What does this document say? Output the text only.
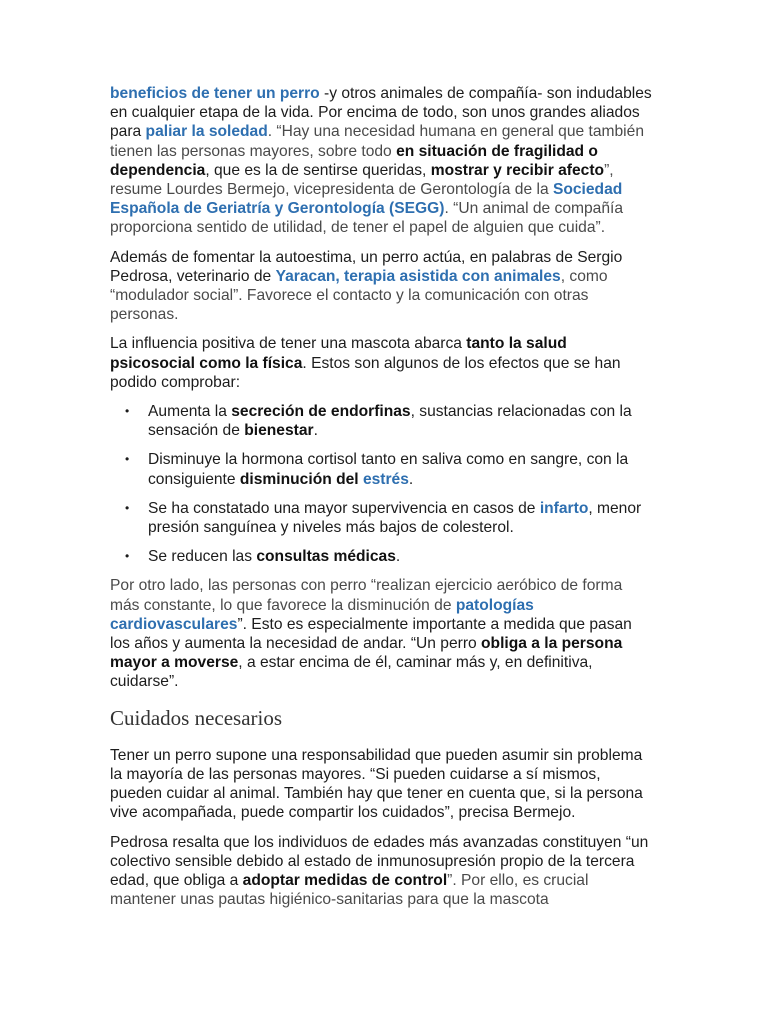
beneficios de tener un perro -y otros animales de compañía- son indudables en cualquier etapa de la vida. Por encima de todo, son unos grandes aliados para paliar la soledad. “Hay una necesidad humana en general que también tienen las personas mayores, sobre todo en situación de fragilidad o dependencia, que es la de sentirse queridas, mostrar y recibir afecto”, resume Lourdes Bermejo, vicepresidenta de Gerontología de la Sociedad Española de Geriatría y Gerontología (SEGG). “Un animal de compañía proporciona sentido de utilidad, de tener el papel de alguien que cuida”.

Además de fomentar la autoestima, un perro actúa, en palabras de Sergio Pedrosa, veterinario de Yaracan, terapia asistida con animales, como “modulador social”. Favorece el contacto y la comunicación con otras personas.

La influencia positiva de tener una mascota abarca tanto la salud psicosocial como la física. Estos son algunos de los efectos que se han podido comprobar:

• Aumenta la secreción de endorfinas, sustancias relacionadas con la sensación de bienestar.
• Disminuye la hormona cortisol tanto en saliva como en sangre, con la consiguiente disminución del estrés.
• Se ha constatado una mayor supervivencia en casos de infarto, menor presión sanguínea y niveles más bajos de colesterol.
• Se reducen las consultas médicas.

Por otro lado, las personas con perro “realizan ejercicio aeróbico de forma más constante, lo que favorece la disminución de patologías cardiovasculares”. Esto es especialmente importante a medida que pasan los años y aumenta la necesidad de andar. “Un perro obliga a la persona mayor a moverse, a estar encima de él, caminar más y, en definitiva, cuidarse”.

Cuidados necesarios

Tener un perro supone una responsabilidad que pueden asumir sin problema la mayoría de las personas mayores. “Si pueden cuidarse a sí mismos, pueden cuidar al animal. También hay que tener en cuenta que, si la persona vive acompañada, puede compartir los cuidados”, precisa Bermejo.

Pedrosa resalta que los individuos de edades más avanzadas constituyen “un colectivo sensible debido al estado de inmunosupresión propio de la tercera edad, que obliga a adoptar medidas de control”. Por ello, es crucial mantener unas pautas higiénico-sanitarias para que la mascota
